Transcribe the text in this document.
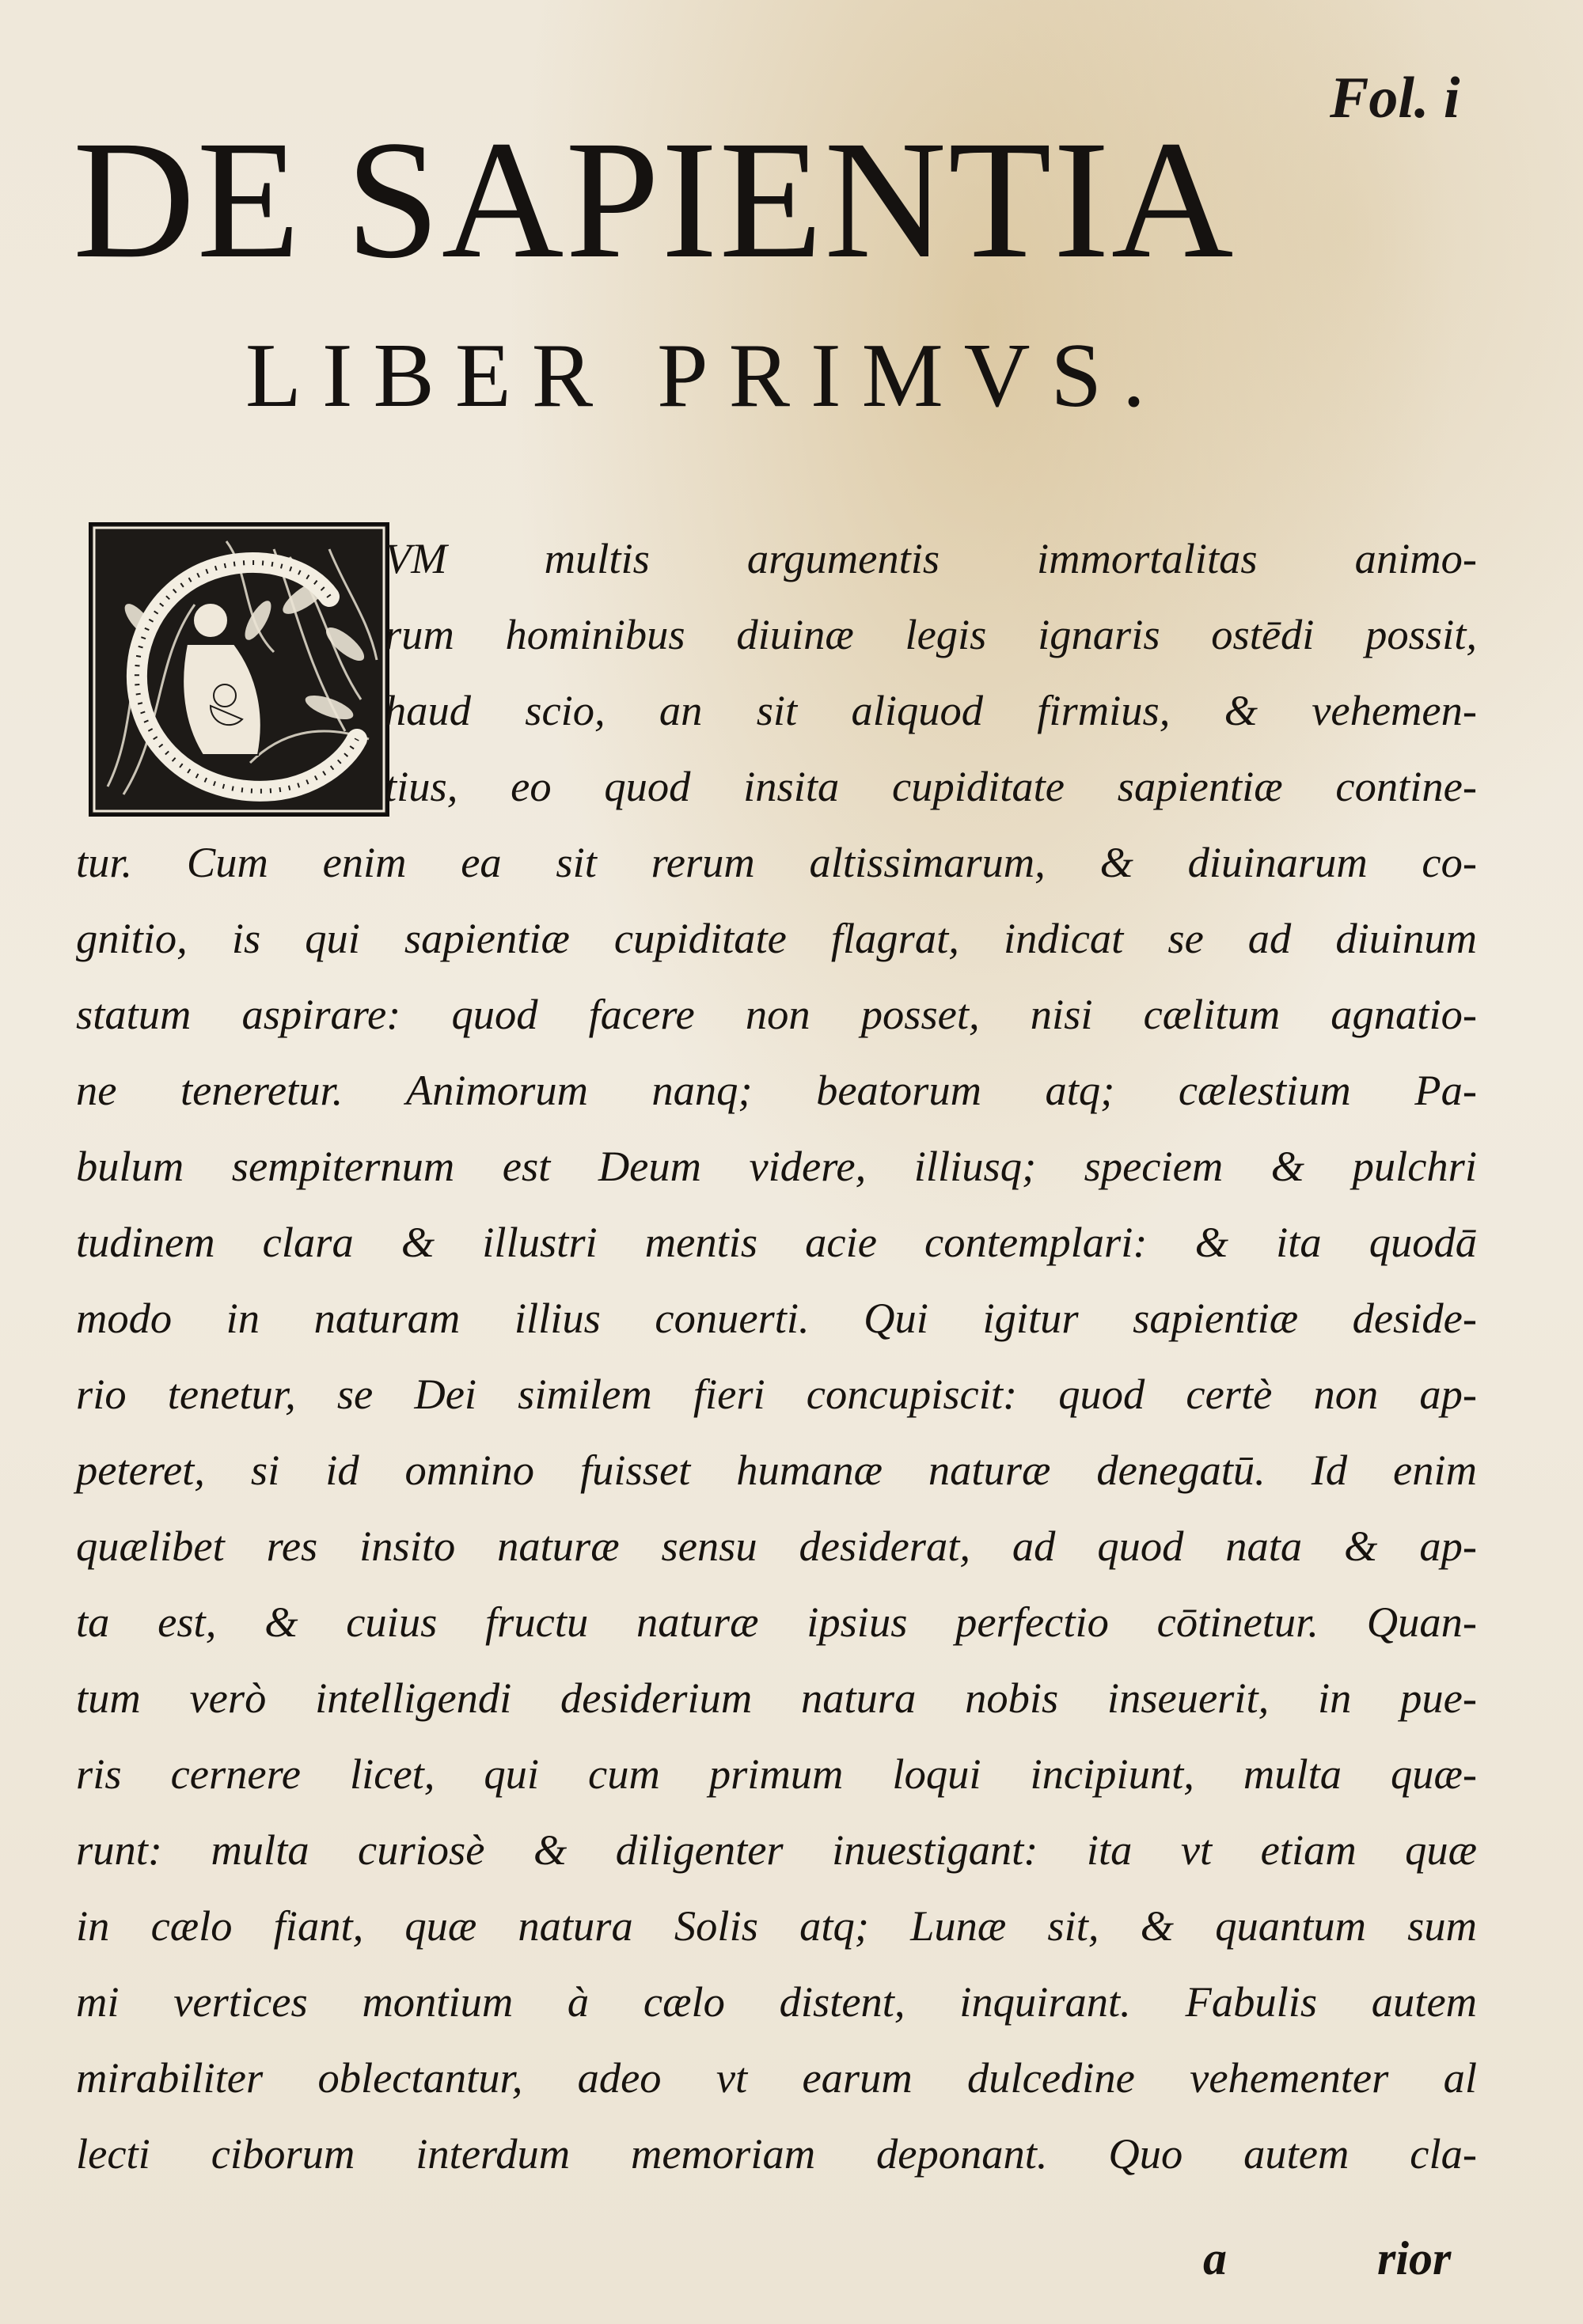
Fol. i
DE SAPIENTIA
LIBER PRIMVS.
VM multis argumentis immortalitas animo-
rum hominibus diuinæ legis ignaris ostēdi possit,
haud scio, an sit aliquod firmius, & vehemen-
tius, eo quod insita cupiditate sapientiæ contine-
tur. Cum enim ea sit rerum altissimarum, & diuinarum co-
gnitio, is qui sapientiæ cupiditate flagrat, indicat se ad diuinum
statum aspirare: quod facere non posset, nisi cælitum agnatio-
ne teneretur. Animorum nanq; beatorum atq; cælestium Pa-
bulum sempiternum est Deum videre, illiusq; speciem & pulchri
tudinem clara & illustri mentis acie contemplari: & ita quodā
modo in naturam illius conuerti. Qui igitur sapientiæ deside-
rio tenetur, se Dei similem fieri concupiscit: quod certè non ap-
peteret, si id omnino fuisset humanæ naturæ denegatū. Id enim
quælibet res insito naturæ sensu desiderat, ad quod nata & ap-
ta est, & cuius fructu naturæ ipsius perfectio cōtinetur. Quan-
tum verò intelligendi desiderium natura nobis inseuerit, in pue-
ris cernere licet, qui cum primum loqui incipiunt, multa quæ-
runt: multa curiosè & diligenter inuestigant: ita vt etiam quæ
in cælo fiant, quæ natura Solis atq; Lunæ sit, & quantum sum
mi vertices montium à cælo distent, inquirant. Fabulis autem
mirabiliter oblectantur, adeo vt earum dulcedine vehementer al
lecti ciborum interdum memoriam deponant. Quo autem cla-
a	rior
